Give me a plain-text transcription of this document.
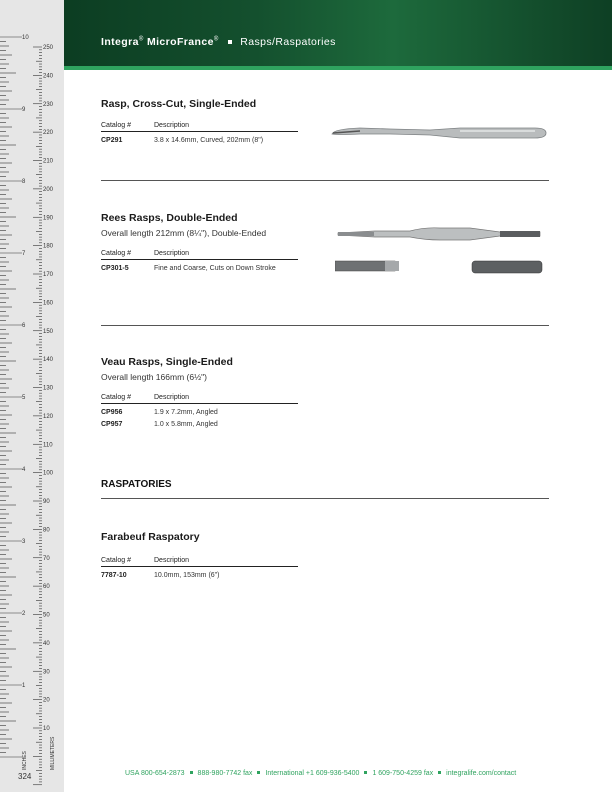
10
9
8
7
6
5
4
3
2
1
250
240
230
220
210
200
190
180
170
160
150
140
130
120
110
100
90
80
70
60
50
40
30
20
10
INCHES	MILLIMETERS
Integra® MicroFrance® Rasps/Raspatories
Rasp, Cross-Cut, Single-Ended
Catalog #	Description
CP291	3.8 x 14.6mm, Curved, 202mm (8")
Rees Rasps, Double-Ended
Overall length 212mm (8¼"), Double-Ended
Catalog #	Description
CP301-5	Fine and Coarse, Cuts on Down Stroke
Veau Rasps, Single-Ended
Overall length 166mm (6½")
Catalog #	Description
CP956	1.9 x 7.2mm, Angled
CP957	1.0 x 5.8mm, Angled
RASPATORIES
Farabeuf Raspatory
Catalog #	Description
7787-10	10.0mm, 153mm (6")
USA 800-654-2873 888-980-7742 fax International +1 609-936-5400 1 609-750-4259 fax integralife.com/contact
324
